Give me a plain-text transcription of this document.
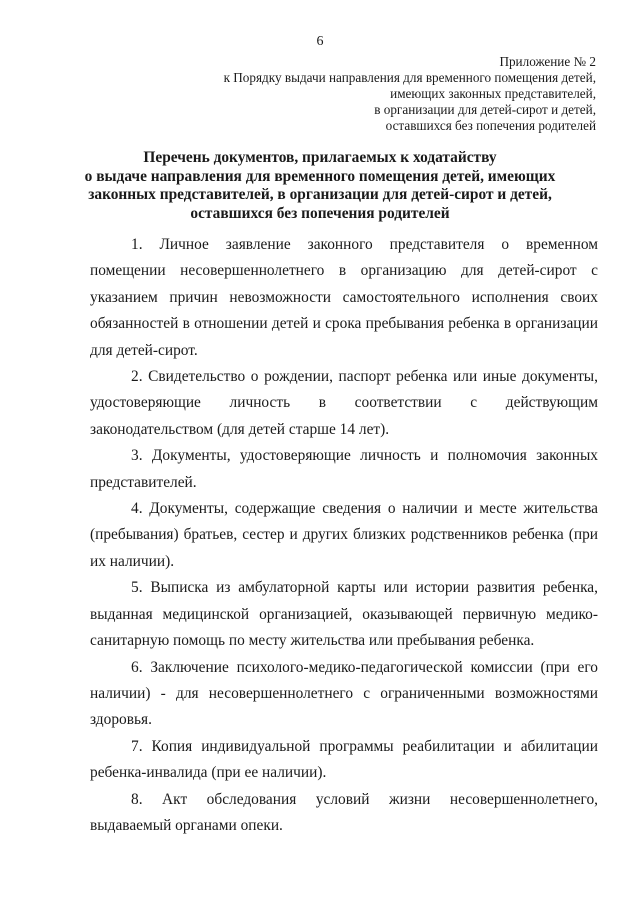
6
Приложение № 2
к Порядку выдачи направления для временного помещения детей,
имеющих законных представителей,
в организации для детей-сирот и детей,
оставшихся без попечения родителей
Перечень документов, прилагаемых к ходатайству
о выдаче направления для временного помещения детей, имеющих
законных представителей, в организации для детей-сирот и детей,
оставшихся без попечения родителей

1. Личное заявление законного представителя о временном помещении несовершеннолетнего в организацию для детей-сирот с указанием причин невозможности самостоятельного исполнения своих обязанностей в отношении детей и срока пребывания ребенка в организации для детей-сирот.

2. Свидетельство о рождении, паспорт ребенка или иные документы, удостоверяющие личность в соответствии с действующим законодательством (для детей старше 14 лет).

3. Документы, удостоверяющие личность и полномочия законных представителей.

4. Документы, содержащие сведения о наличии и месте жительства (пребывания) братьев, сестер и других близких родственников ребенка (при их наличии).

5. Выписка из амбулаторной карты или истории развития ребенка, выданная медицинской организацией, оказывающей первичную медико-санитарную помощь по месту жительства или пребывания ребенка.

6. Заключение психолого-медико-педагогической комиссии (при его наличии) - для несовершеннолетнего с ограниченными возможностями здоровья.

7. Копия индивидуальной программы реабилитации и абилитации ребенка-инвалида (при ее наличии).

8. Акт обследования условий жизни несовершеннолетнего, выдаваемый органами опеки.
